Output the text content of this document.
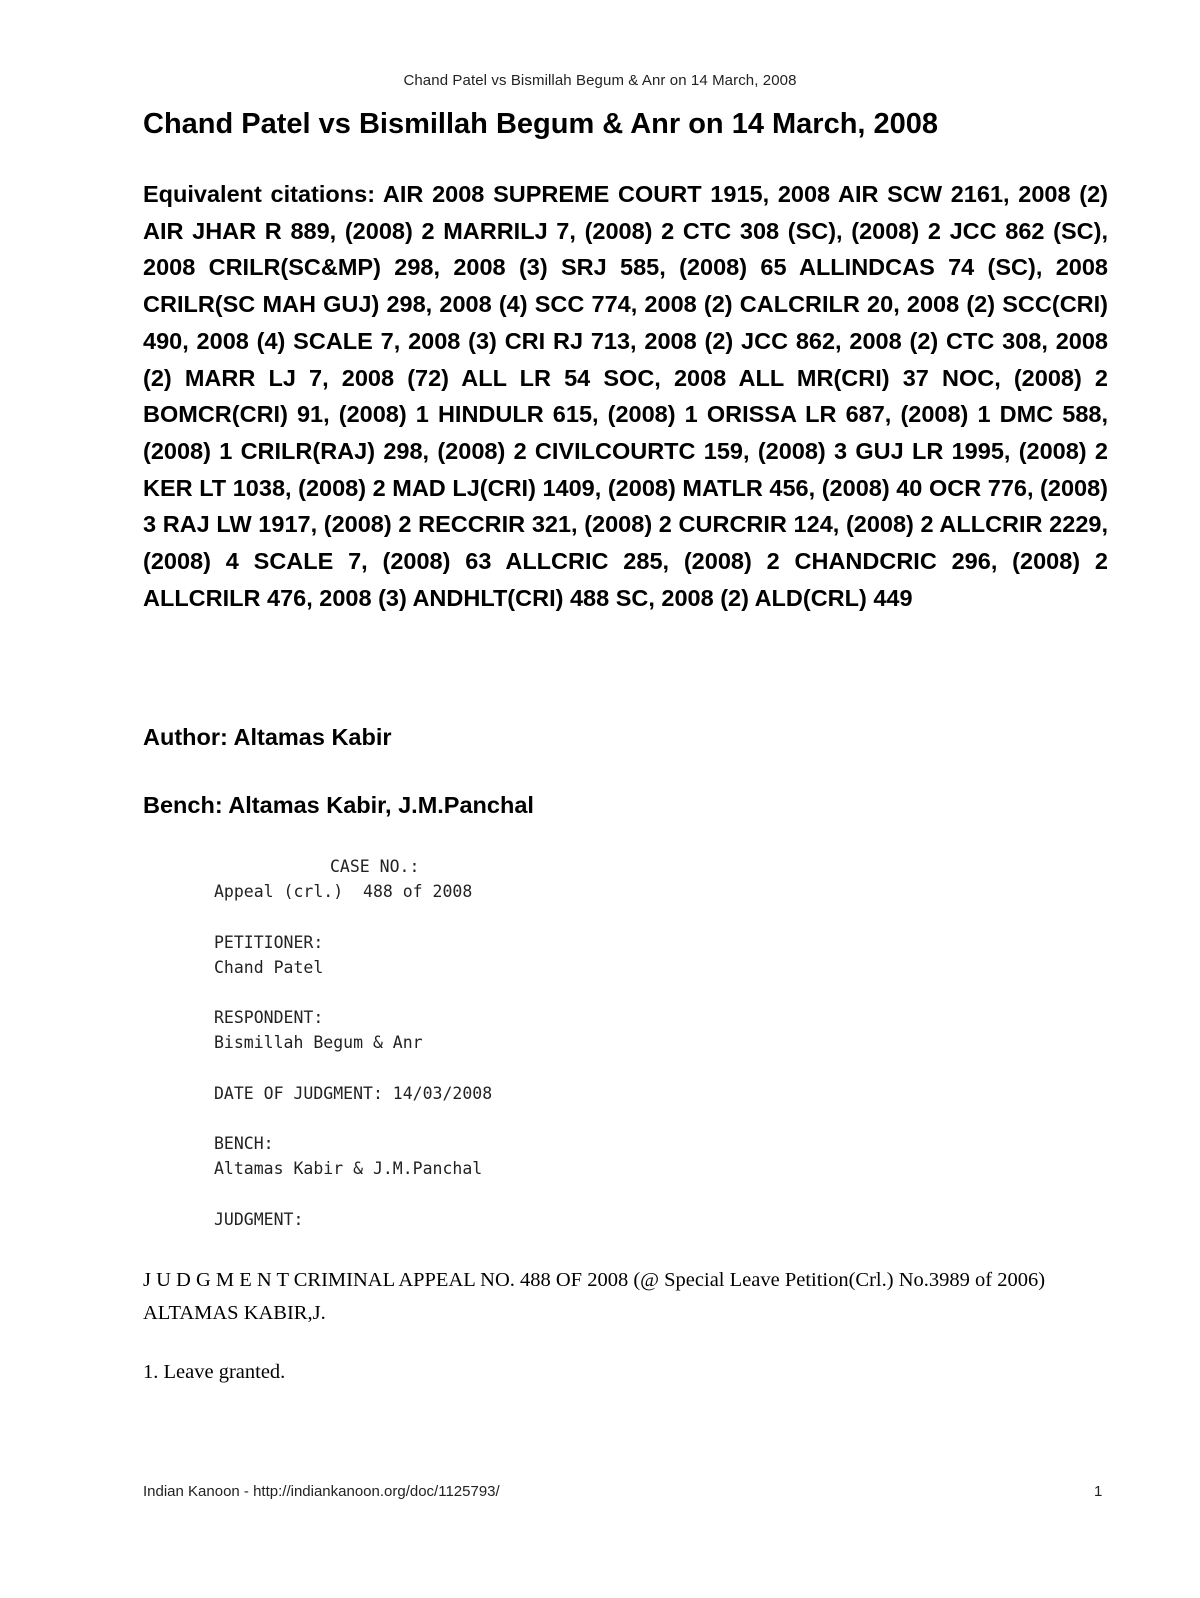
Chand Patel vs Bismillah Begum & Anr on 14 March, 2008
Chand Patel vs Bismillah Begum & Anr on 14 March, 2008

Equivalent citations: AIR 2008 SUPREME COURT 1915, 2008 AIR SCW 2161, 2008 (2) AIR JHAR R 889, (2008) 2 MARRILJ 7, (2008) 2 CTC 308 (SC), (2008) 2 JCC 862 (SC), 2008 CRILR(SC&MP) 298, 2008 (3) SRJ 585, (2008) 65 ALLINDCAS 74 (SC), 2008 CRILR(SC MAH GUJ) 298, 2008 (4) SCC 774, 2008 (2) CALCRILR 20, 2008 (2) SCC(CRI) 490, 2008 (4) SCALE 7, 2008 (3) CRI RJ 713, 2008 (2) JCC 862, 2008 (2) CTC 308, 2008 (2) MARR LJ 7, 2008 (72) ALL LR 54 SOC, 2008 ALL MR(CRI) 37 NOC, (2008) 2 BOMCR(CRI) 91, (2008) 1 HINDULR 615, (2008) 1 ORISSA LR 687, (2008) 1 DMC 588, (2008) 1 CRILR(RAJ) 298, (2008) 2 CIVILCOURTC 159, (2008) 3 GUJ LR 1995, (2008) 2 KER LT 1038, (2008) 2 MAD LJ(CRI) 1409, (2008) MATLR 456, (2008) 40 OCR 776, (2008) 3 RAJ LW 1917, (2008) 2 RECCRIR 321, (2008) 2 CURCRIR 124, (2008) 2 ALLCRIR 2229, (2008) 4 SCALE 7, (2008) 63 ALLCRIC 285, (2008) 2 CHANDCRIC 296, (2008) 2 ALLCRILR 476, 2008 (3) ANDHLT(CRI) 488 SC, 2008 (2) ALD(CRL) 449

Author: Altamas Kabir

Bench: Altamas Kabir, J.M.Panchal

CASE NO.:
Appeal (crl.)  488 of 2008
PETITIONER:
Chand Patel
RESPONDENT:
Bismillah Begum & Anr
DATE OF JUDGMENT: 14/03/2008
BENCH:
Altamas Kabir & J.M.Panchal
JUDGMENT:

J U D G M E N T CRIMINAL APPEAL NO. 488 OF 2008 (@ Special Leave Petition(Crl.) No.3989 of 2006) ALTAMAS KABIR,J.

1. Leave granted.

Indian Kanoon - http://indiankanoon.org/doc/1125793/	1
